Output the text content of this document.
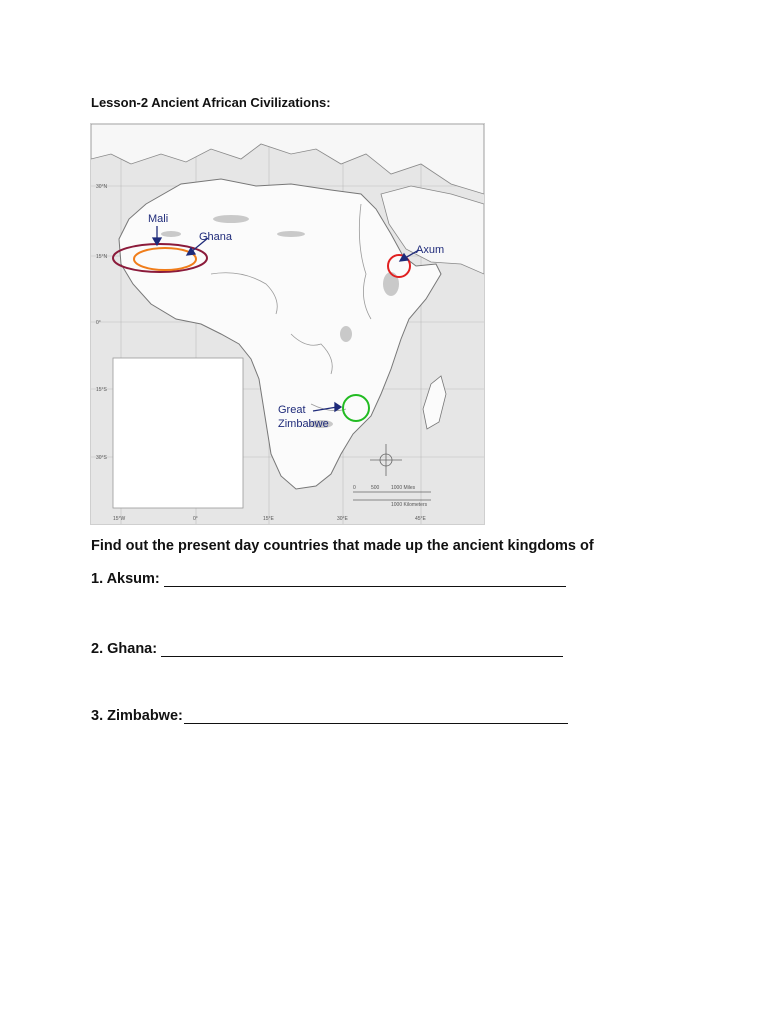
Lesson-2 Ancient African Civilizations:
30°N
15°N
0°
15°S
30°S
15°W	0°	15°E	30°E	45°E
0	500 1000 Miles
1000 Kilometers
Mali
Ghana
Axum
Great
Zimbabwe
Find out the present day countries that made up the ancient kingdoms of
1. Aksum:
2. Ghana:
3. Zimbabwe:
